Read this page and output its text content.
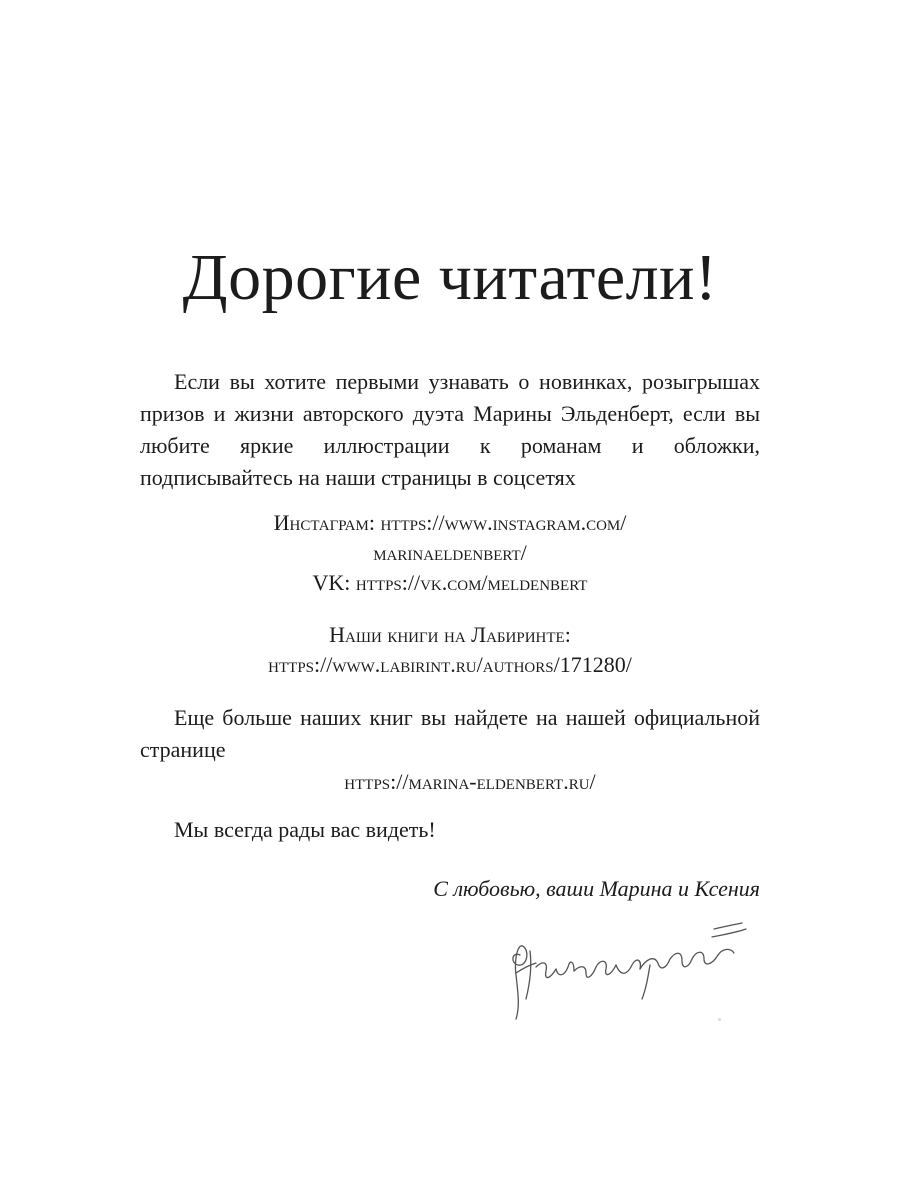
Дорогие читатели!
Если вы хотите первыми узнавать о новинках, розыгрышах призов и жизни авторского дуэта Марины Эльденберт, если вы любите яркие иллюстрации к романам и обложки, подписывайтесь на наши страницы в соцсетях
Инстаграм: https://www.instagram.com/
marinaeldenbert/
VK: https://vk.com/meldenbert
Наши книги на Лабиринте:
https://www.labirint.ru/authors/171280/
Еще больше наших книг вы найдете на нашей официальной странице
https://marina-eldenbert.ru/
Мы всегда рады вас видеть!
С любовью, ваши Марина и Ксения
